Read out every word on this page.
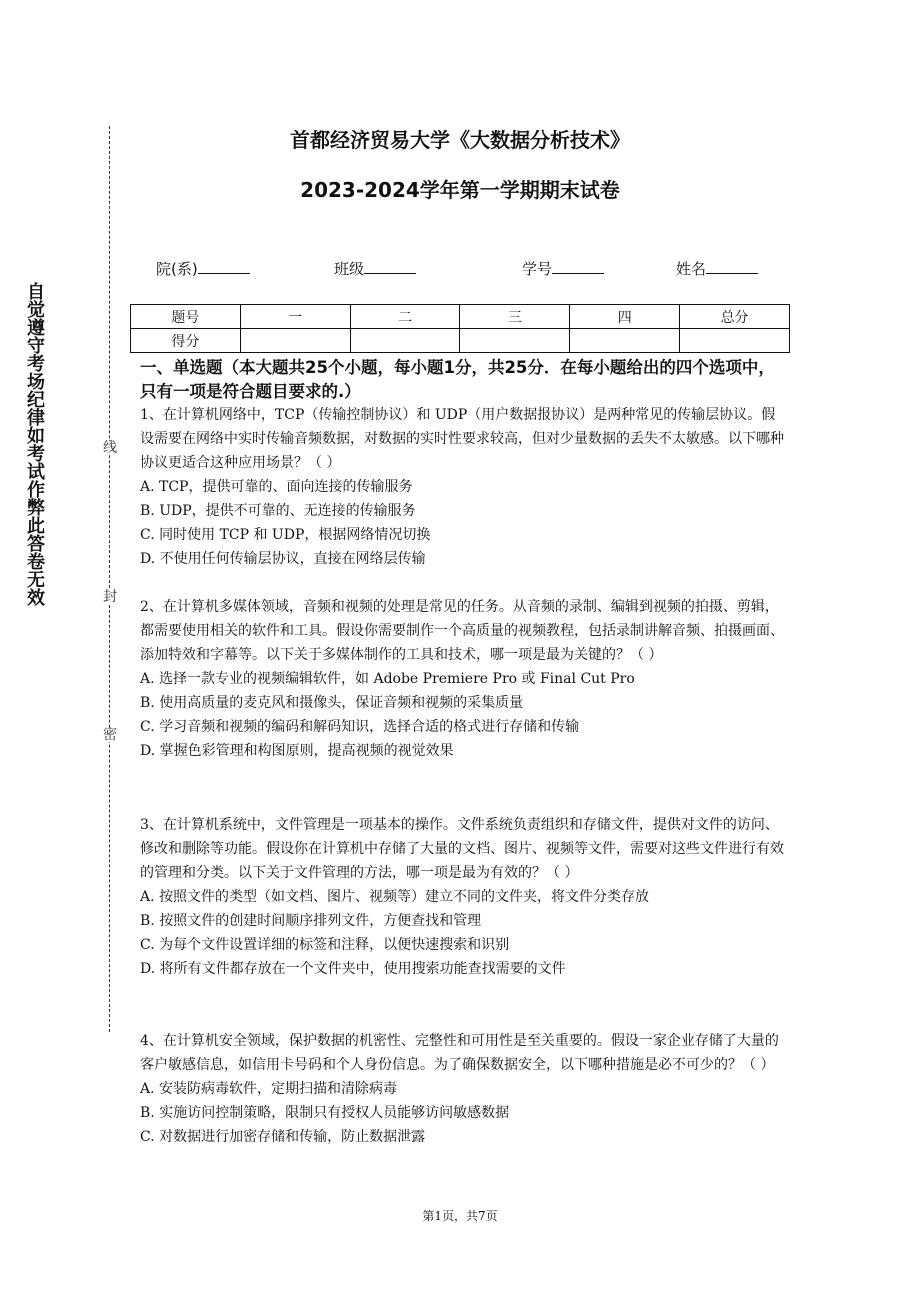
自觉遵守考场纪律如考试作弊此答卷无效	线
封
密
首都经济贸易大学《大数据分析技术》
2023-2024学年第一学期期末试卷
院(系)	班级	学号	姓名
题号	一	二	三	四	总分
得分					
一、单选题（本大题共25个小题，每小题1分，共25分．在每小题给出的四个选项中，只有一项是符合题目要求的.）

1、在计算机网络中，TCP（传输控制协议）和 UDP（用户数据报协议）是两种常见的传输层协议。假设需要在网络中实时传输音频数据，对数据的实时性要求较高，但对少量数据的丢失不太敏感。以下哪种协议更适合这种应用场景？（ ）

A. TCP，提供可靠的、面向连接的传输服务

B. UDP，提供不可靠的、无连接的传输服务

C. 同时使用 TCP 和 UDP，根据网络情况切换

D. 不使用任何传输层协议，直接在网络层传输

2、在计算机多媒体领域，音频和视频的处理是常见的任务。从音频的录制、编辑到视频的拍摄、剪辑，都需要使用相关的软件和工具。假设你需要制作一个高质量的视频教程，包括录制讲解音频、拍摄画面、添加特效和字幕等。以下关于多媒体制作的工具和技术，哪一项是最为关键的？（ ）

A. 选择一款专业的视频编辑软件，如 Adobe Premiere Pro 或 Final Cut Pro

B. 使用高质量的麦克风和摄像头，保证音频和视频的采集质量

C. 学习音频和视频的编码和解码知识，选择合适的格式进行存储和传输

D. 掌握色彩管理和构图原则，提高视频的视觉效果

3、在计算机系统中，文件管理是一项基本的操作。文件系统负责组织和存储文件，提供对文件的访问、修改和删除等功能。假设你在计算机中存储了大量的文档、图片、视频等文件，需要对这些文件进行有效的管理和分类。以下关于文件管理的方法，哪一项是最为有效的？（ ）

A. 按照文件的类型（如文档、图片、视频等）建立不同的文件夹，将文件分类存放

B. 按照文件的创建时间顺序排列文件，方便查找和管理

C. 为每个文件设置详细的标签和注释，以便快速搜索和识别

D. 将所有文件都存放在一个文件夹中，使用搜索功能查找需要的文件

4、在计算机安全领域，保护数据的机密性、完整性和可用性是至关重要的。假设一家企业存储了大量的客户敏感信息，如信用卡号码和个人身份信息。为了确保数据安全，以下哪种措施是必不可少的？（ ）

A. 安装防病毒软件，定期扫描和清除病毒

B. 实施访问控制策略，限制只有授权人员能够访问敏感数据

C. 对数据进行加密存储和传输，防止数据泄露

第1页，共7页
